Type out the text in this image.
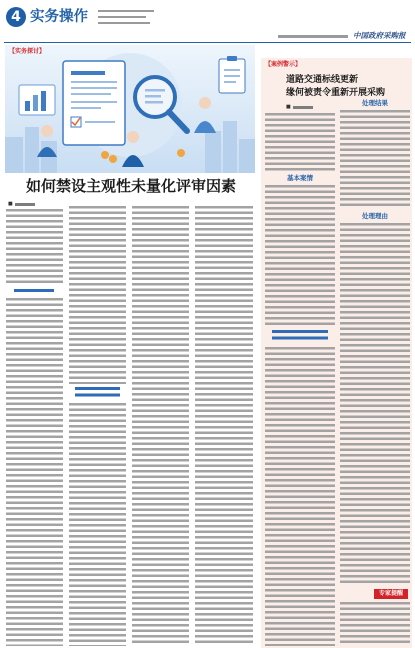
4 实务操作
中国政府采购报
【实务探讨】
如何禁设主观性未量化评审因素
■
【案例警示】
道路交通标线更新
缘何被责令重新开展采购
■
基本案情
处理结果
处理理由
专家提醒
